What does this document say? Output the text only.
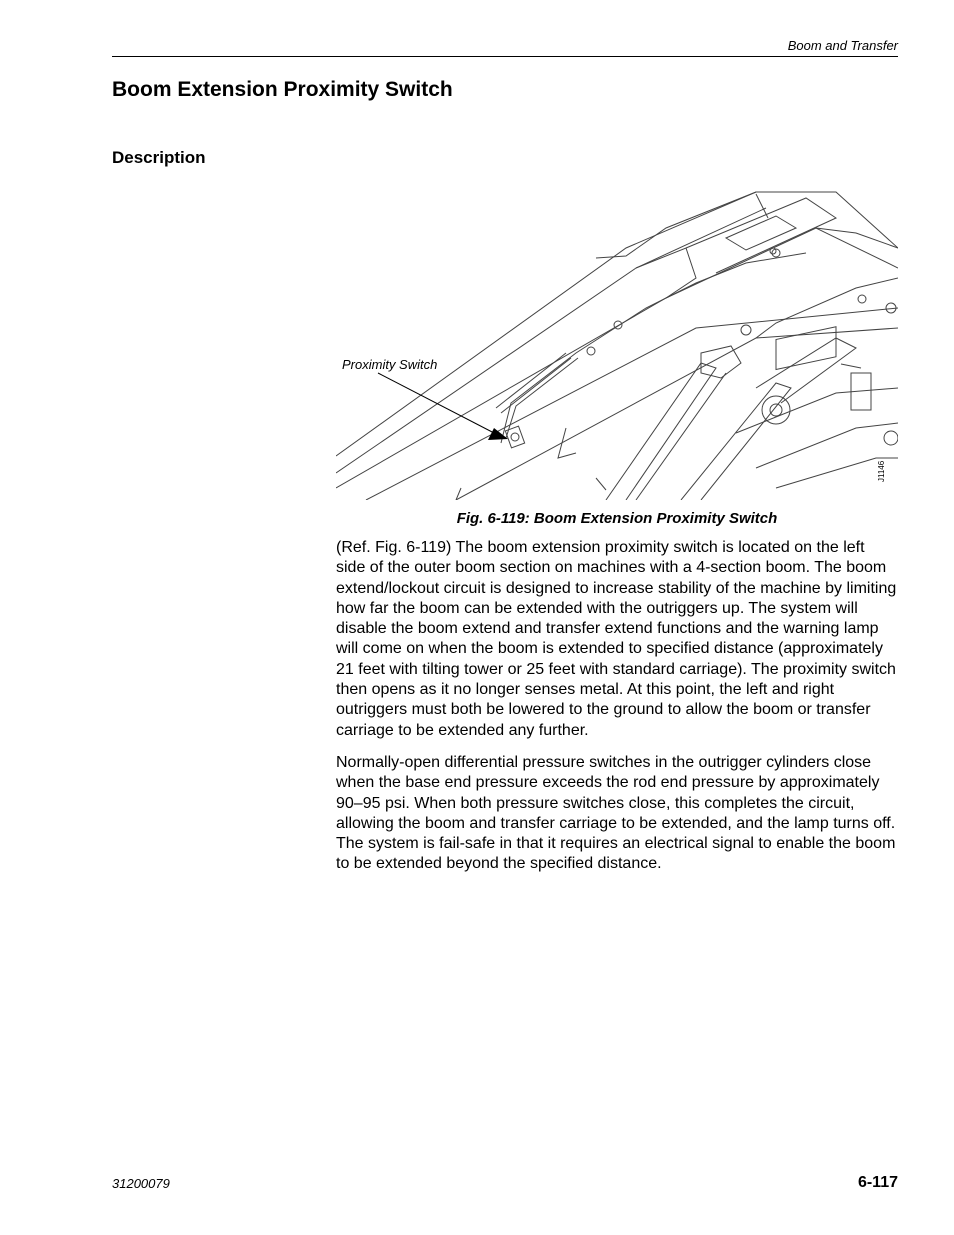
Boom and Transfer
Boom Extension Proximity Switch
Description
Proximity Switch
J1146
Fig. 6-119: Boom Extension Proximity Switch

(Ref. Fig. 6-119) The boom extension proximity switch is located on the left side of the outer boom section on machines with a 4-section boom. The boom extend/lockout circuit is designed to increase stability of the machine by limiting how far the boom can be extended with the outriggers up. The system will disable the boom extend and transfer extend functions and the warning lamp will come on when the boom is extended to specified distance (approximately 21 feet with tilting tower or 25 feet with standard carriage). The proximity switch then opens as it no longer senses metal. At this point, the left and right outriggers must both be lowered to the ground to allow the boom or transfer carriage to be extended any further.

Normally-open differential pressure switches in the outrigger cylinders close when the base end pressure exceeds the rod end pressure by approximately 90–95 psi. When both pressure switches close, this completes the circuit, allowing the boom and transfer carriage to be extended, and the lamp turns off. The system is fail-safe in that it requires an electrical signal to enable the boom to be extended beyond the specified distance.

31200079	6-117
